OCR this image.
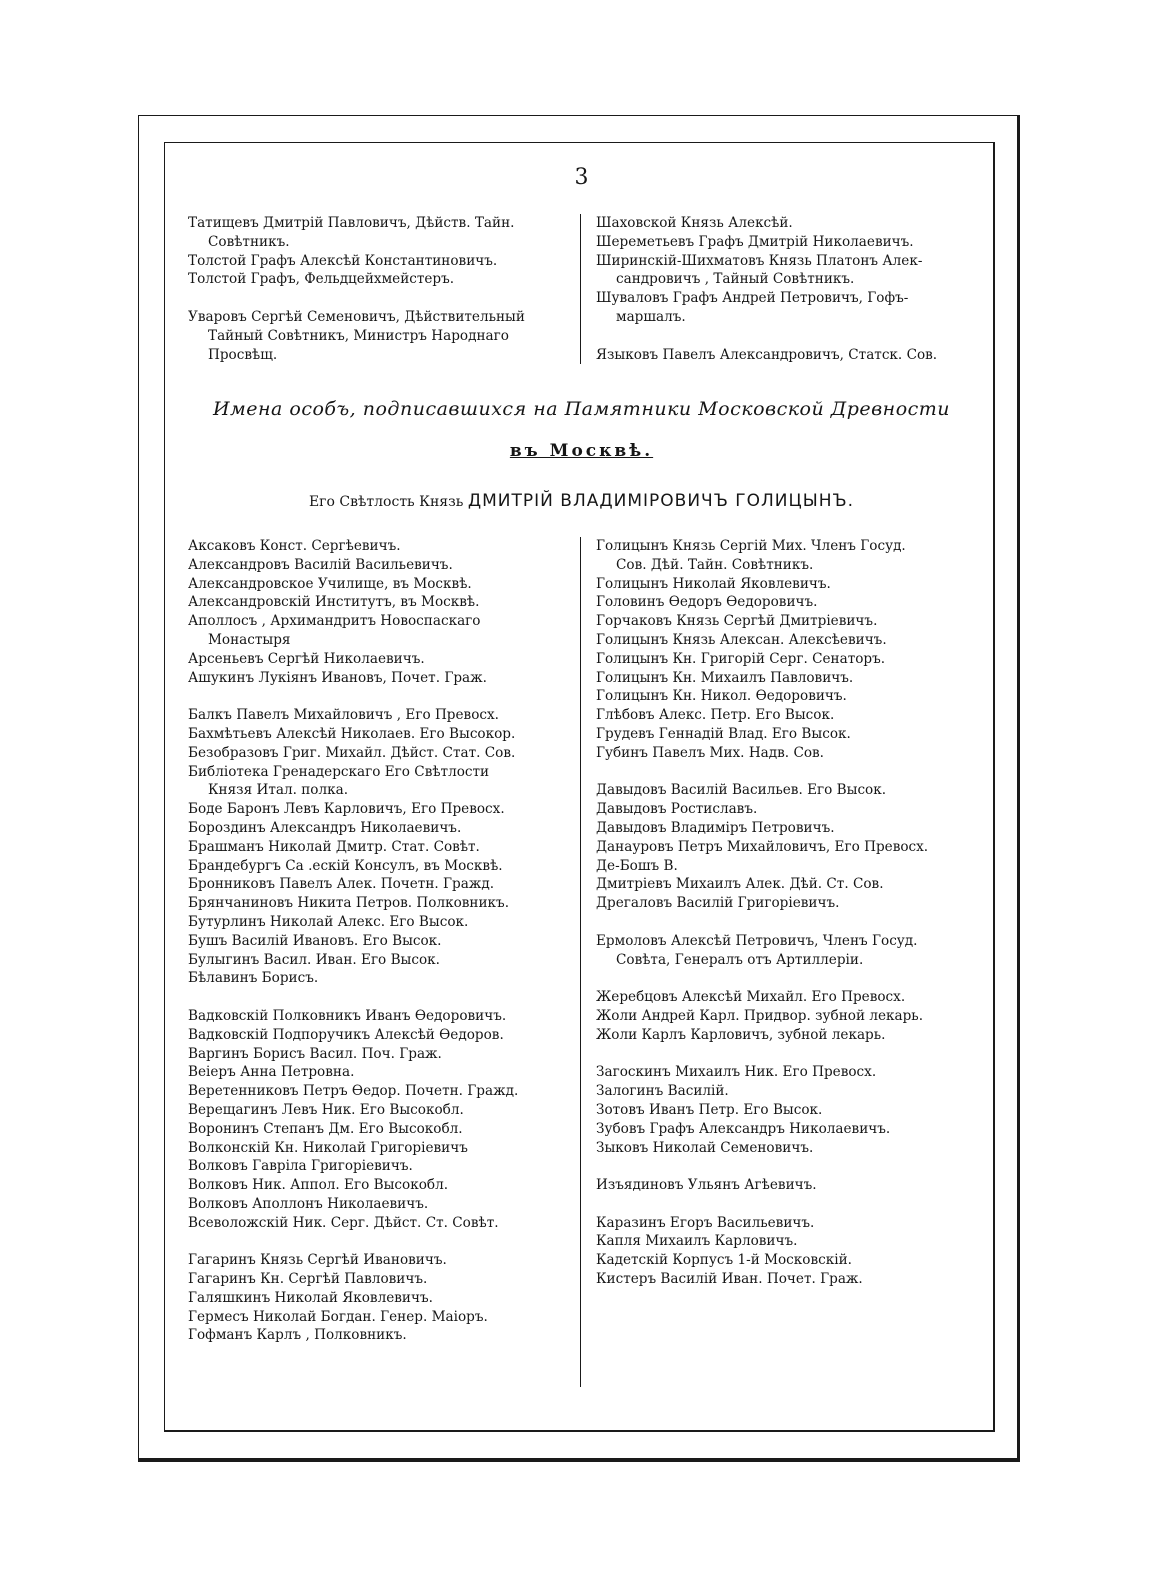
3
Татищевъ Дмитрій Павловичъ, Дѣйств. Тайн.
Совѣтникъ.
Толстой Графъ Алексѣй Константиновичъ.
Толстой Графъ, Фельдцейхмейстеръ.
Уваровъ Сергѣй Семеновичъ, Дѣйствительный
Тайный Совѣтникъ, Министръ Народнаго
Просвѣщ.
Шаховской Князь Алексѣй.
Шереметьевъ Графъ Дмитрій Николаевичъ.
Ширинскій-Шихматовъ Князь Платонъ Алек-
сандровичъ , Тайный Совѣтникъ.
Шуваловъ Графъ Андрей Петровичъ, Гофъ-
маршалъ.
Языковъ Павелъ Александровичъ, Статск. Сов.
Имена особъ, подписавшихся на Памятники Московской Древности
въ Москвѣ.
Его Свѣтлость Князь ДМИТРІЙ ВЛАДИМІРОВИЧЪ ГОЛИЦЫНЪ.
Аксаковъ Конст. Сергѣевичъ.
Александровъ Василій Васильевичъ.
Александровское Училище, въ Москвѣ.
Александровскій Институтъ, въ Москвѣ.
Аполлосъ , Архимандритъ Новоспаскаго
Монастыря
Арсеньевъ Сергѣй Николаевичъ.
Ашукинъ Лукіянъ Ивановъ, Почет. Граж.
Балкъ Павелъ Михайловичъ , Его Превосх.
Бахмѣтьевъ Алексѣй Николаев. Его Высокор.
Безобразовъ Григ. Михайл. Дѣйст. Стат. Сов.
Библіотека Гренадерскаго Его Свѣтлости
Князя Итал. полка.
Боде Баронъ Левъ Карловичъ, Его Превосх.
Бороздинъ Александръ Николаевичъ.
Брашманъ Николай Дмитр. Стат. Совѣт.
Брандебургъ Са .ескій Консулъ, въ Москвѣ.
Бронниковъ Павелъ Алек. Почетн. Гражд.
Брянчаниновъ Никита Петров. Полковникъ.
Бутурлинъ Николай Алекс. Его Высок.
Бушъ Василій Ивановъ. Его Высок.
Булыгинъ Васил. Иван. Его Высок.
Бѣлавинъ Борисъ.
Вадковскій Полковникъ Иванъ Ѳедоровичъ.
Вадковскій Подпоручикъ Алексѣй Ѳедоров.
Варгинъ Борисъ Васил. Поч. Граж.
Веіеръ Анна Петровна.
Веретенниковъ Петръ Ѳедор. Почетн. Гражд.
Верещагинъ Левъ Ник. Его Высокобл.
Воронинъ Степанъ Дм. Его Высокобл.
Волконскій Кн. Николай Григоріевичъ
Волковъ Гавріла Григоріевичъ.
Волковъ Ник. Аппол. Его Высокобл.
Волковъ Аполлонъ Николаевичъ.
Всеволожскій Ник. Серг. Дѣйст. Ст. Совѣт.
Гагаринъ Князь Сергѣй Ивановичъ.
Гагаринъ Кн. Сергѣй Павловичъ.
Галяшкинъ Николай Яковлевичъ.
Гермесъ Николай Богдан. Генер. Маіоръ.
Гофманъ Карлъ , Полковникъ.
Голицынъ Князь Сергій Мих. Членъ Госуд.
Сов. Дѣй. Тайн. Совѣтникъ.
Голицынъ Николай Яковлевичъ.
Головинъ Ѳедоръ Ѳедоровичъ.
Горчаковъ Князь Сергѣй Дмитріевичъ.
Голицынъ Князь Алексан. Алексѣевичъ.
Голицынъ Кн. Григорій Серг. Сенаторъ.
Голицынъ Кн. Михаилъ Павловичъ.
Голицынъ Кн. Никол. Ѳедоровичъ.
Глѣбовъ Алекс. Петр. Его Высок.
Грудевъ Геннадій Влад. Его Высок.
Губинъ Павелъ Мих. Надв. Сов.
Давыдовъ Василій Васильев. Его Высок.
Давыдовъ Ростиславъ.
Давыдовъ Владиміръ Петровичъ.
Данауровъ Петръ Михайловичъ, Его Превосх.
Де-Бошъ В.
Дмитріевъ Михаилъ Алек. Дѣй. Ст. Сов.
Дрегаловъ Василій Григоріевичъ.
Ермоловъ Алексѣй Петровичъ, Членъ Госуд.
Совѣта, Генералъ отъ Артиллеріи.
Жеребцовъ Алексѣй Михайл. Его Превосх.
Жоли Андрей Карл. Придвор. зубной лекарь.
Жоли Карлъ Карловичъ, зубной лекарь.
Загоскинъ Михаилъ Ник. Его Превосх.
Залогинъ Василій.
Зотовъ Иванъ Петр. Его Высок.
Зубовъ Графъ Александръ Николаевичъ.
Зыковъ Николай Семеновичъ.
Изъядиновъ Ульянъ Агѣевичъ.
Каразинъ Егоръ Васильевичъ.
Капля Михаилъ Карловичъ.
Кадетскій Корпусъ 1-й Московскій.
Кистеръ Василій Иван. Почет. Граж.
